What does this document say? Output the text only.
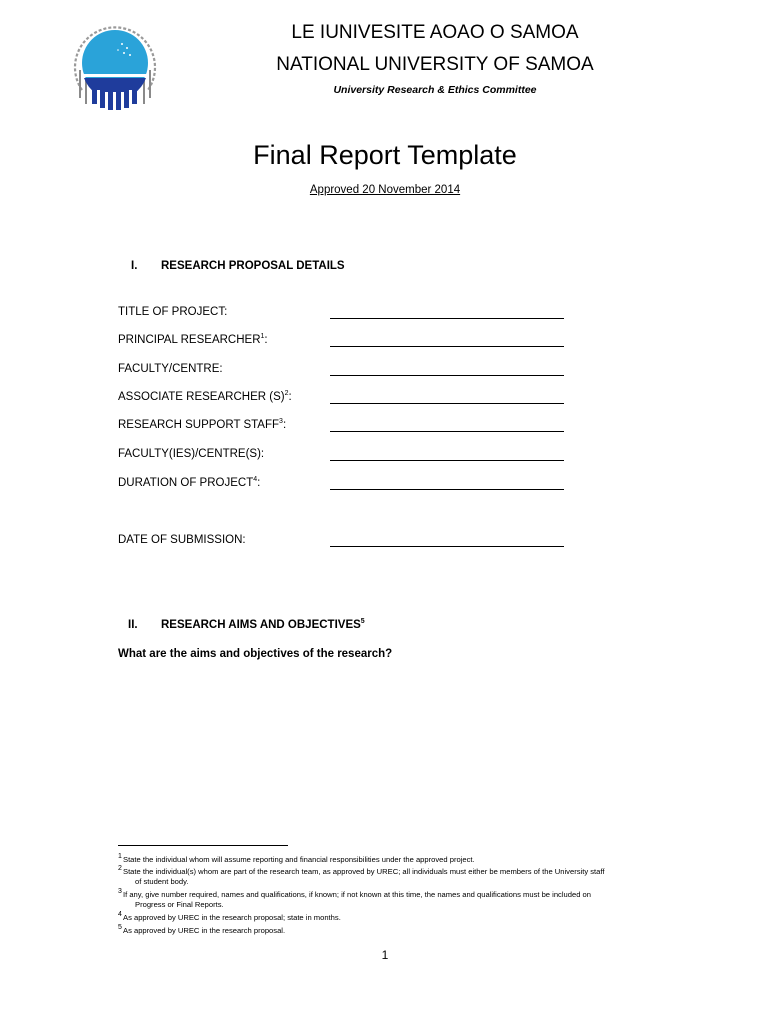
LE IUNIVESITE AOAO O SAMOA
NATIONAL UNIVERSITY OF SAMOA
University Research & Ethics Committee
Final Report Template
Approved 20 November 2014
I. RESEARCH PROPOSAL DETAILS
TITLE OF PROJECT:
PRINCIPAL RESEARCHER$^1$:
FACULTY/CENTRE:
ASSOCIATE RESEARCHER $(S)^2$:
RESEARCH SUPPORT STAFF$^3$:
FACULTY(IES)/CENTRE(S):
DURATION OF PROJECT$^4$:
DATE OF SUBMISSION:
II. RESEARCH AIMS AND OBJECTIVES$^5$
What are the aims and objectives of the research?
1 State the individual whom will assume reporting and financial responsibilities under the approved project.
2 State the individual(s) whom are part of the research team, as approved by UREC; all individuals must either be members of the University staff
of student body.
3 If any, give number required, names and qualifications, if known; if not known at this time, the names and qualifications must be included on
Progress or Final Reports.
4 As approved by UREC in the research proposal; state in months.
5 As approved by UREC in the research proposal.
1
